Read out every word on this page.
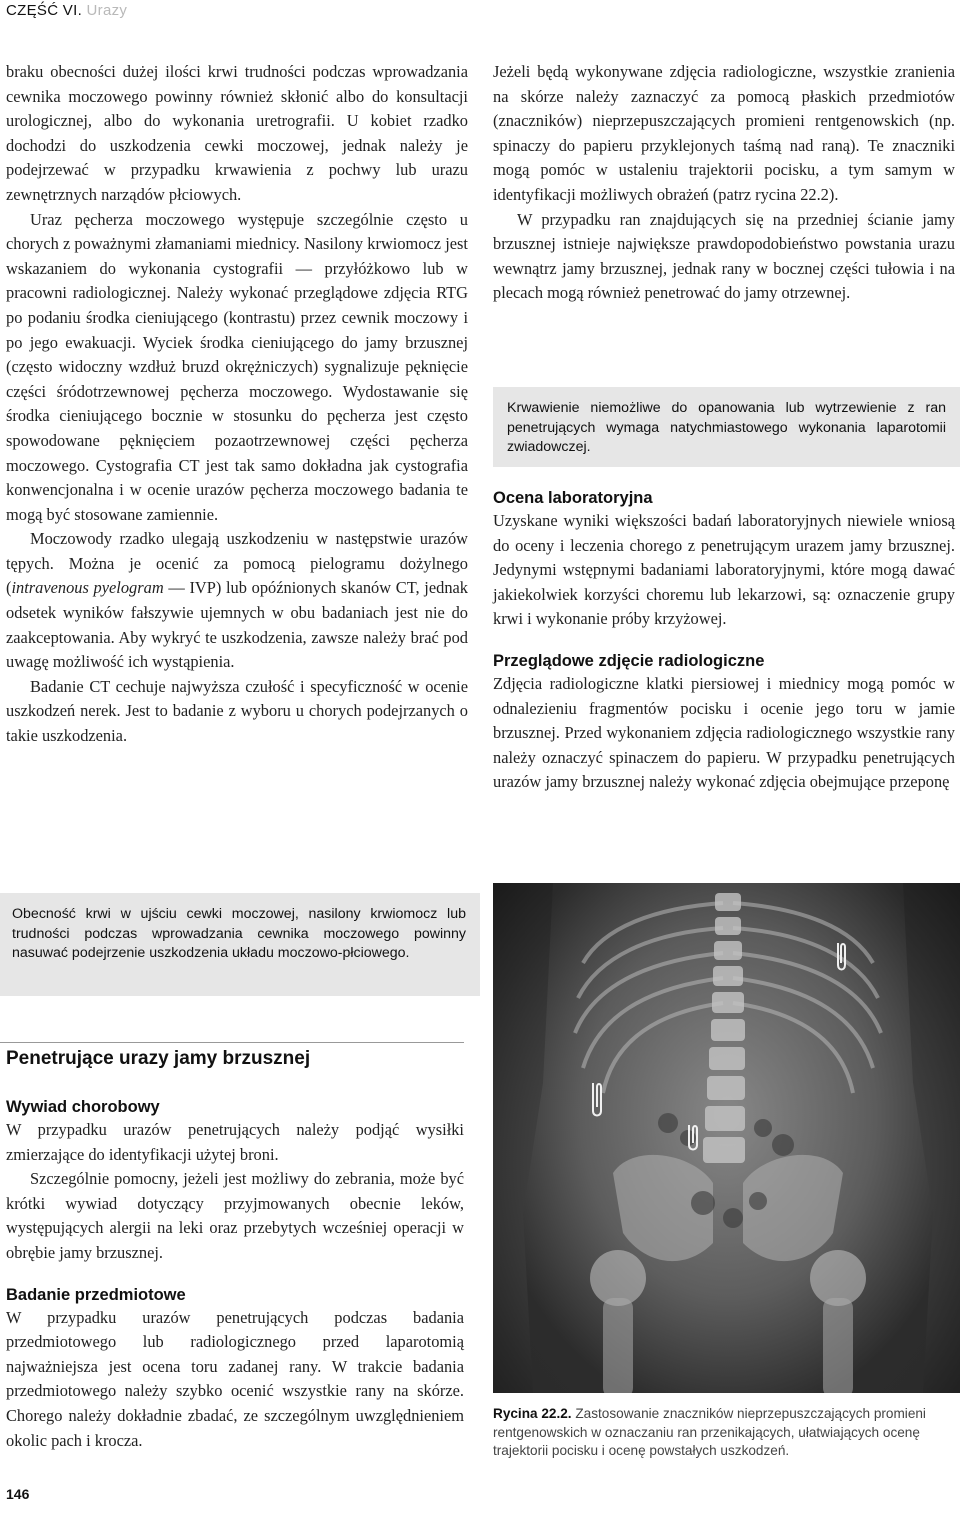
CZĘŚĆ VI. Urazy

braku obecności dużej ilości krwi trudności podczas wprowadzania cewnika moczowego powinny również skłonić albo do konsultacji urologicznej, albo do wykonania uretrografii. U kobiet rzadko dochodzi do uszkodzenia cewki moczowej, jednak należy je podejrzewać w przypadku krwawienia z pochwy lub urazu zewnętrznych narządów płciowych.

Uraz pęcherza moczowego występuje szczególnie często u chorych z poważnymi złamaniami miednicy. Nasilony krwiomocz jest wskazaniem do wykonania cystografii — przyłóżkowo lub w pracowni radiologicznej. Należy wykonać przeglądowe zdjęcia RTG po podaniu środka cieniującego (kontrastu) przez cewnik moczowy i po jego ewakuacji. Wyciek środka cieniującego do jamy brzusznej (często widoczny wzdłuż bruzd okrężniczych) sygnalizuje pęknięcie części śródotrzewnowej pęcherza moczowego. Wydostawanie się środka cieniującego bocznie w stosunku do pęcherza jest często spowodowane pęknięciem pozaotrzewnowej części pęcherza moczowego. Cystografia CT jest tak samo dokładna jak cystografia konwencjonalna i w ocenie urazów pęcherza moczowego badania te mogą być stosowane zamiennie.

Moczowody rzadko ulegają uszkodzeniu w następstwie urazów tępych. Można je ocenić za pomocą pielogramu dożylnego (intravenous pyelogram — IVP) lub opóźnionych skanów CT, jednak odsetek wyników fałszywie ujemnych w obu badaniach jest nie do zaakceptowania. Aby wykryć te uszkodzenia, zawsze należy brać pod uwagę możliwość ich wystąpienia.

Badanie CT cechuje najwyższa czułość i specyficzność w ocenie uszkodzeń nerek. Jest to badanie z wyboru u chorych podejrzanych o takie uszkodzenia.

Jeżeli będą wykonywane zdjęcia radiologiczne, wszystkie zranienia na skórze należy zaznaczyć za pomocą płaskich przedmiotów (znaczników) nieprzepuszczających promieni rentgenowskich (np. spinaczy do papieru przyklejonych taśmą nad raną). Te znaczniki mogą pomóc w ustaleniu trajektorii pocisku, a tym samym w identyfikacji możliwych obrażeń (patrz rycina 22.2).

W przypadku ran znajdujących się na przedniej ścianie jamy brzusznej istnieje największe prawdopodobieństwo powstania urazu wewnątrz jamy brzusznej, jednak rany w bocznej części tułowia i na plecach mogą również penetrować do jamy otrzewnej.

Krwawienie niemożliwe do opanowania lub wytrzewienie z ran penetrujących wymaga natychmiastowego wykonania laparotomii zwiadowczej.
Ocena laboratoryjna

Uzyskane wyniki większości badań laboratoryjnych niewiele wniosą do oceny i leczenia chorego z penetrującym urazem jamy brzusznej. Jedynymi wstępnymi badaniami laboratoryjnymi, które mogą dawać jakiekolwiek korzyści choremu lub lekarzowi, są: oznaczenie grupy krwi i wykonanie próby krzyżowej.

Przeglądowe zdjęcie radiologiczne

Zdjęcia radiologiczne klatki piersiowej i miednicy mogą pomóc w odnalezieniu fragmentów pocisku i ocenie jego toru w jamie brzusznej. Przed wykonaniem zdjęcia radiologicznego wszystkie rany należy oznaczyć spinaczem do papieru. W przypadku penetrujących urazów jamy brzusznej należy wykonać zdjęcia obejmujące przeponę

Obecność krwi w ujściu cewki moczowej, nasilony krwiomocz lub trudności podczas wprowadzania cewnika moczowego powinny nasuwać podejrzenie uszkodzenia układu moczowo-płciowego.
Penetrujące urazy jamy brzusznej
Wywiad chorobowy

W przypadku urazów penetrujących należy podjąć wysiłki zmierzające do identyfikacji użytej broni.

Szczególnie pomocny, jeżeli jest możliwy do zebrania, może być krótki wywiad dotyczący przyjmowanych obecnie leków, występujących alergii na leki oraz przebytych wcześniej operacji w obrębie jamy brzusznej.

Badanie przedmiotowe

W przypadku urazów penetrujących podczas badania przedmiotowego lub radiologicznego przed laparotomią najważniejsza jest ocena toru zadanej rany. W trakcie badania przedmiotowego należy szybko ocenić wszystkie rany na skórze. Chorego należy dokładnie zbadać, ze szczególnym uwzględnieniem okolic pach i krocza.

Rycina 22.2. Zastosowanie znaczników nieprzepuszczających promieni rentgenowskich w oznaczaniu ran przenikających, ułatwiających ocenę trajektorii pocisku i ocenę powstałych uszkodzeń.
146
